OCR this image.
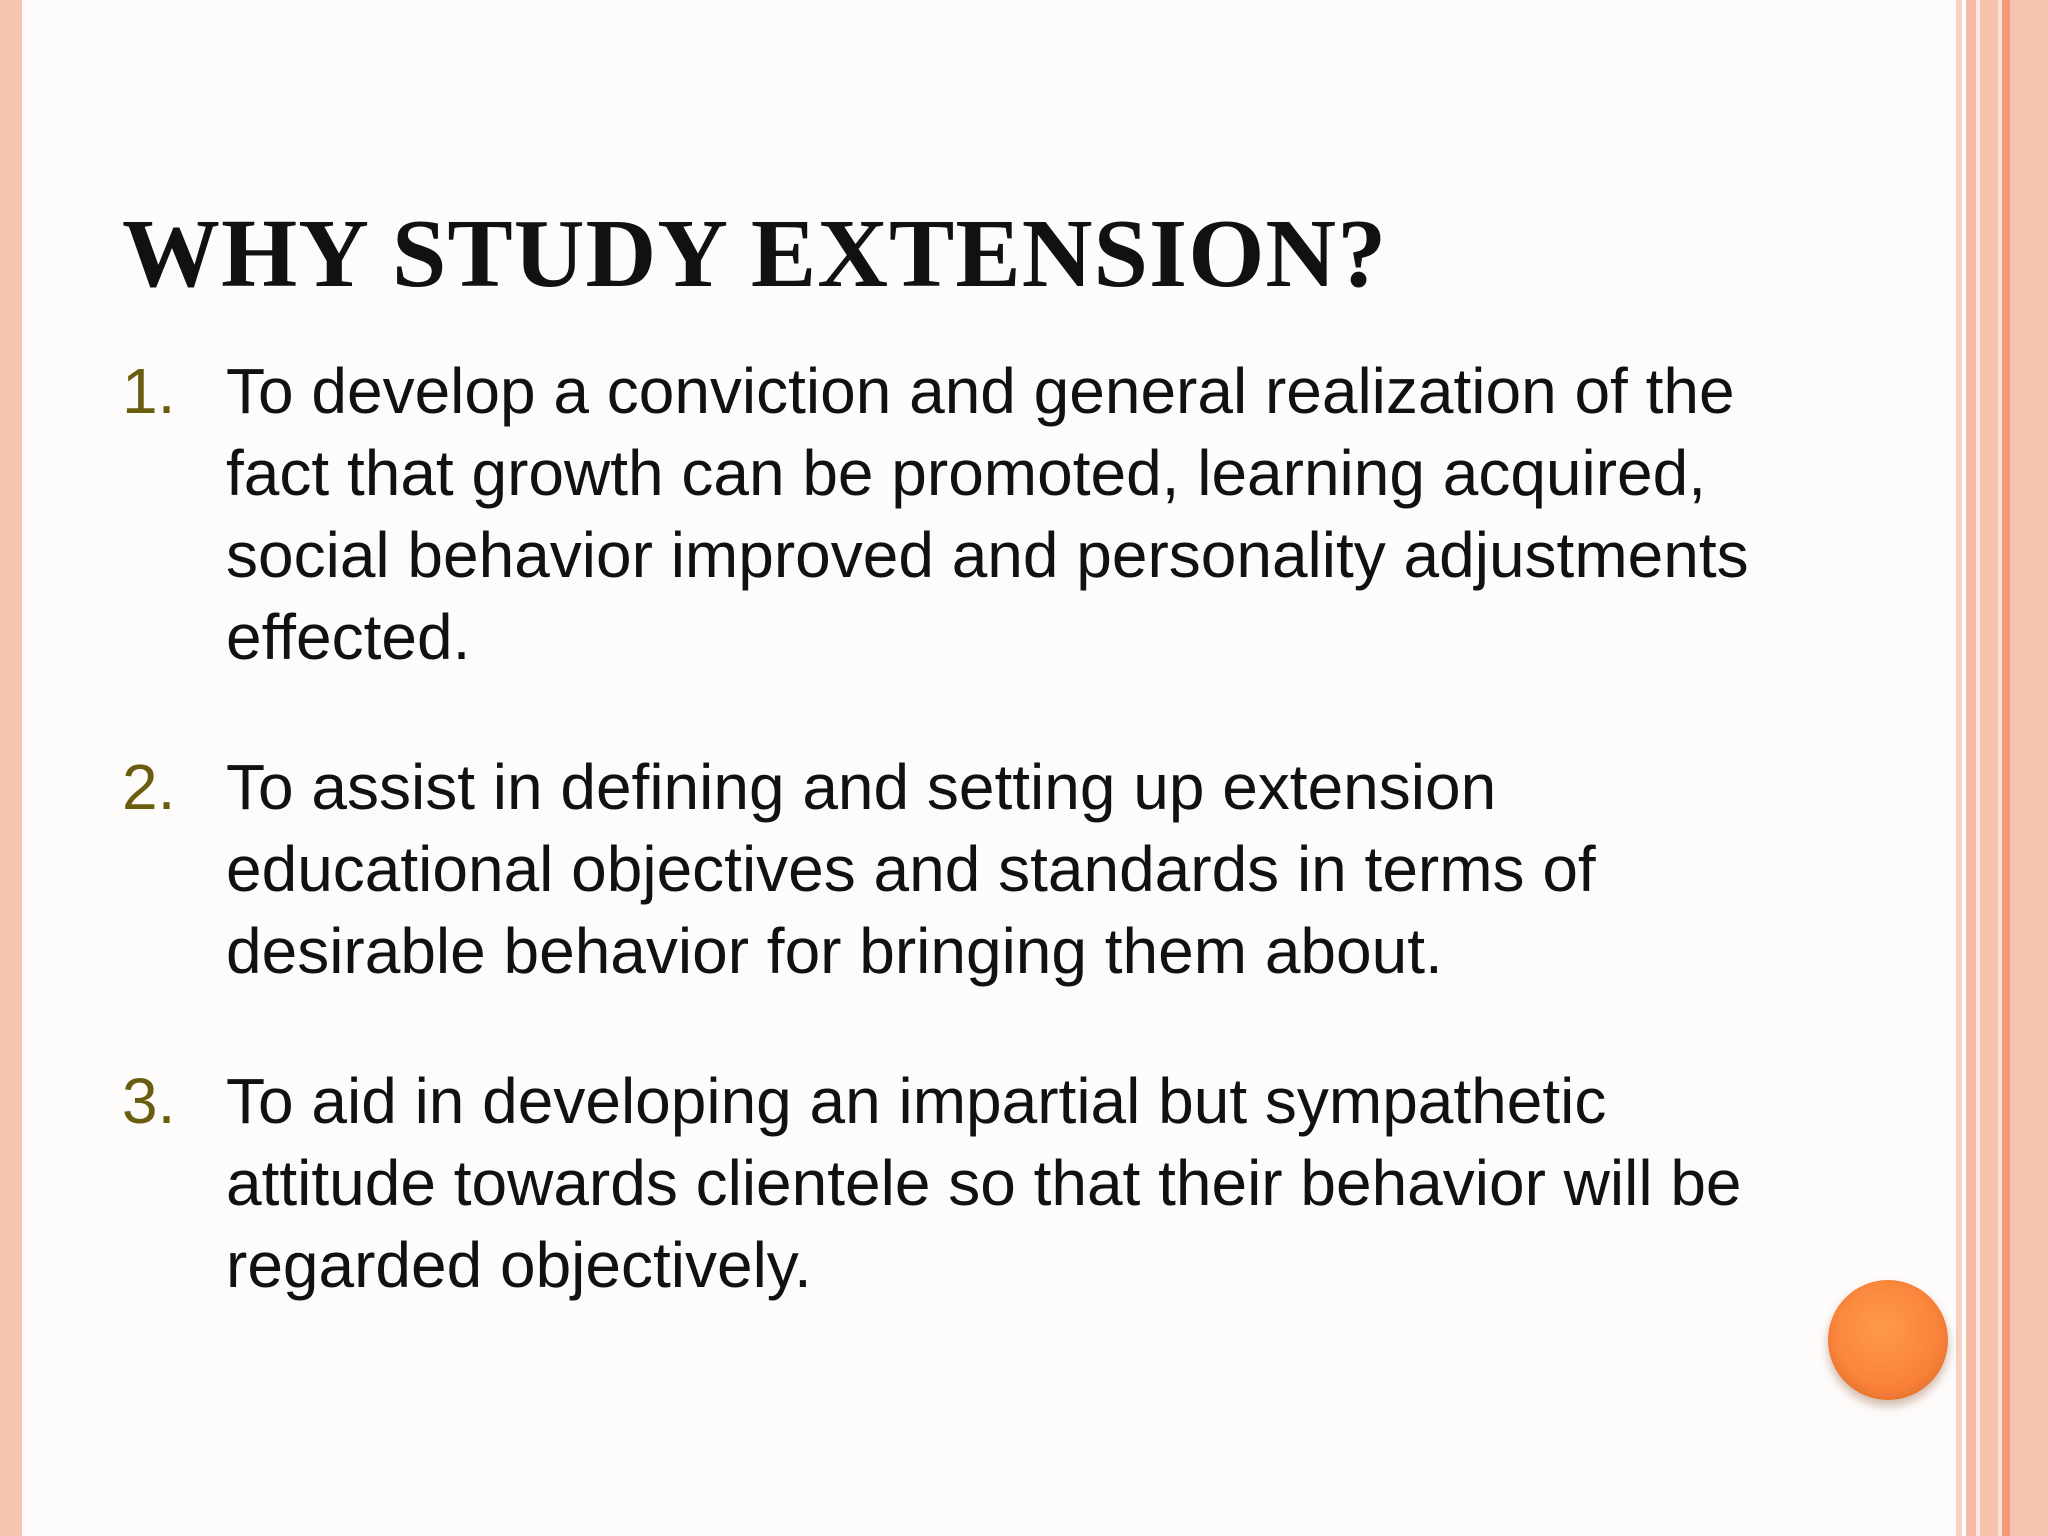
WHY STUDY EXTENSION?
1. To develop a conviction and general realization of the fact that growth can be promoted, learning acquired, social behavior improved and personality adjustments effected.
2. To assist in defining and setting up extension educational objectives and standards in terms of desirable behavior for bringing them about.
3. To aid in developing an impartial but sympathetic attitude towards clientele so that their behavior will be regarded objectively.
